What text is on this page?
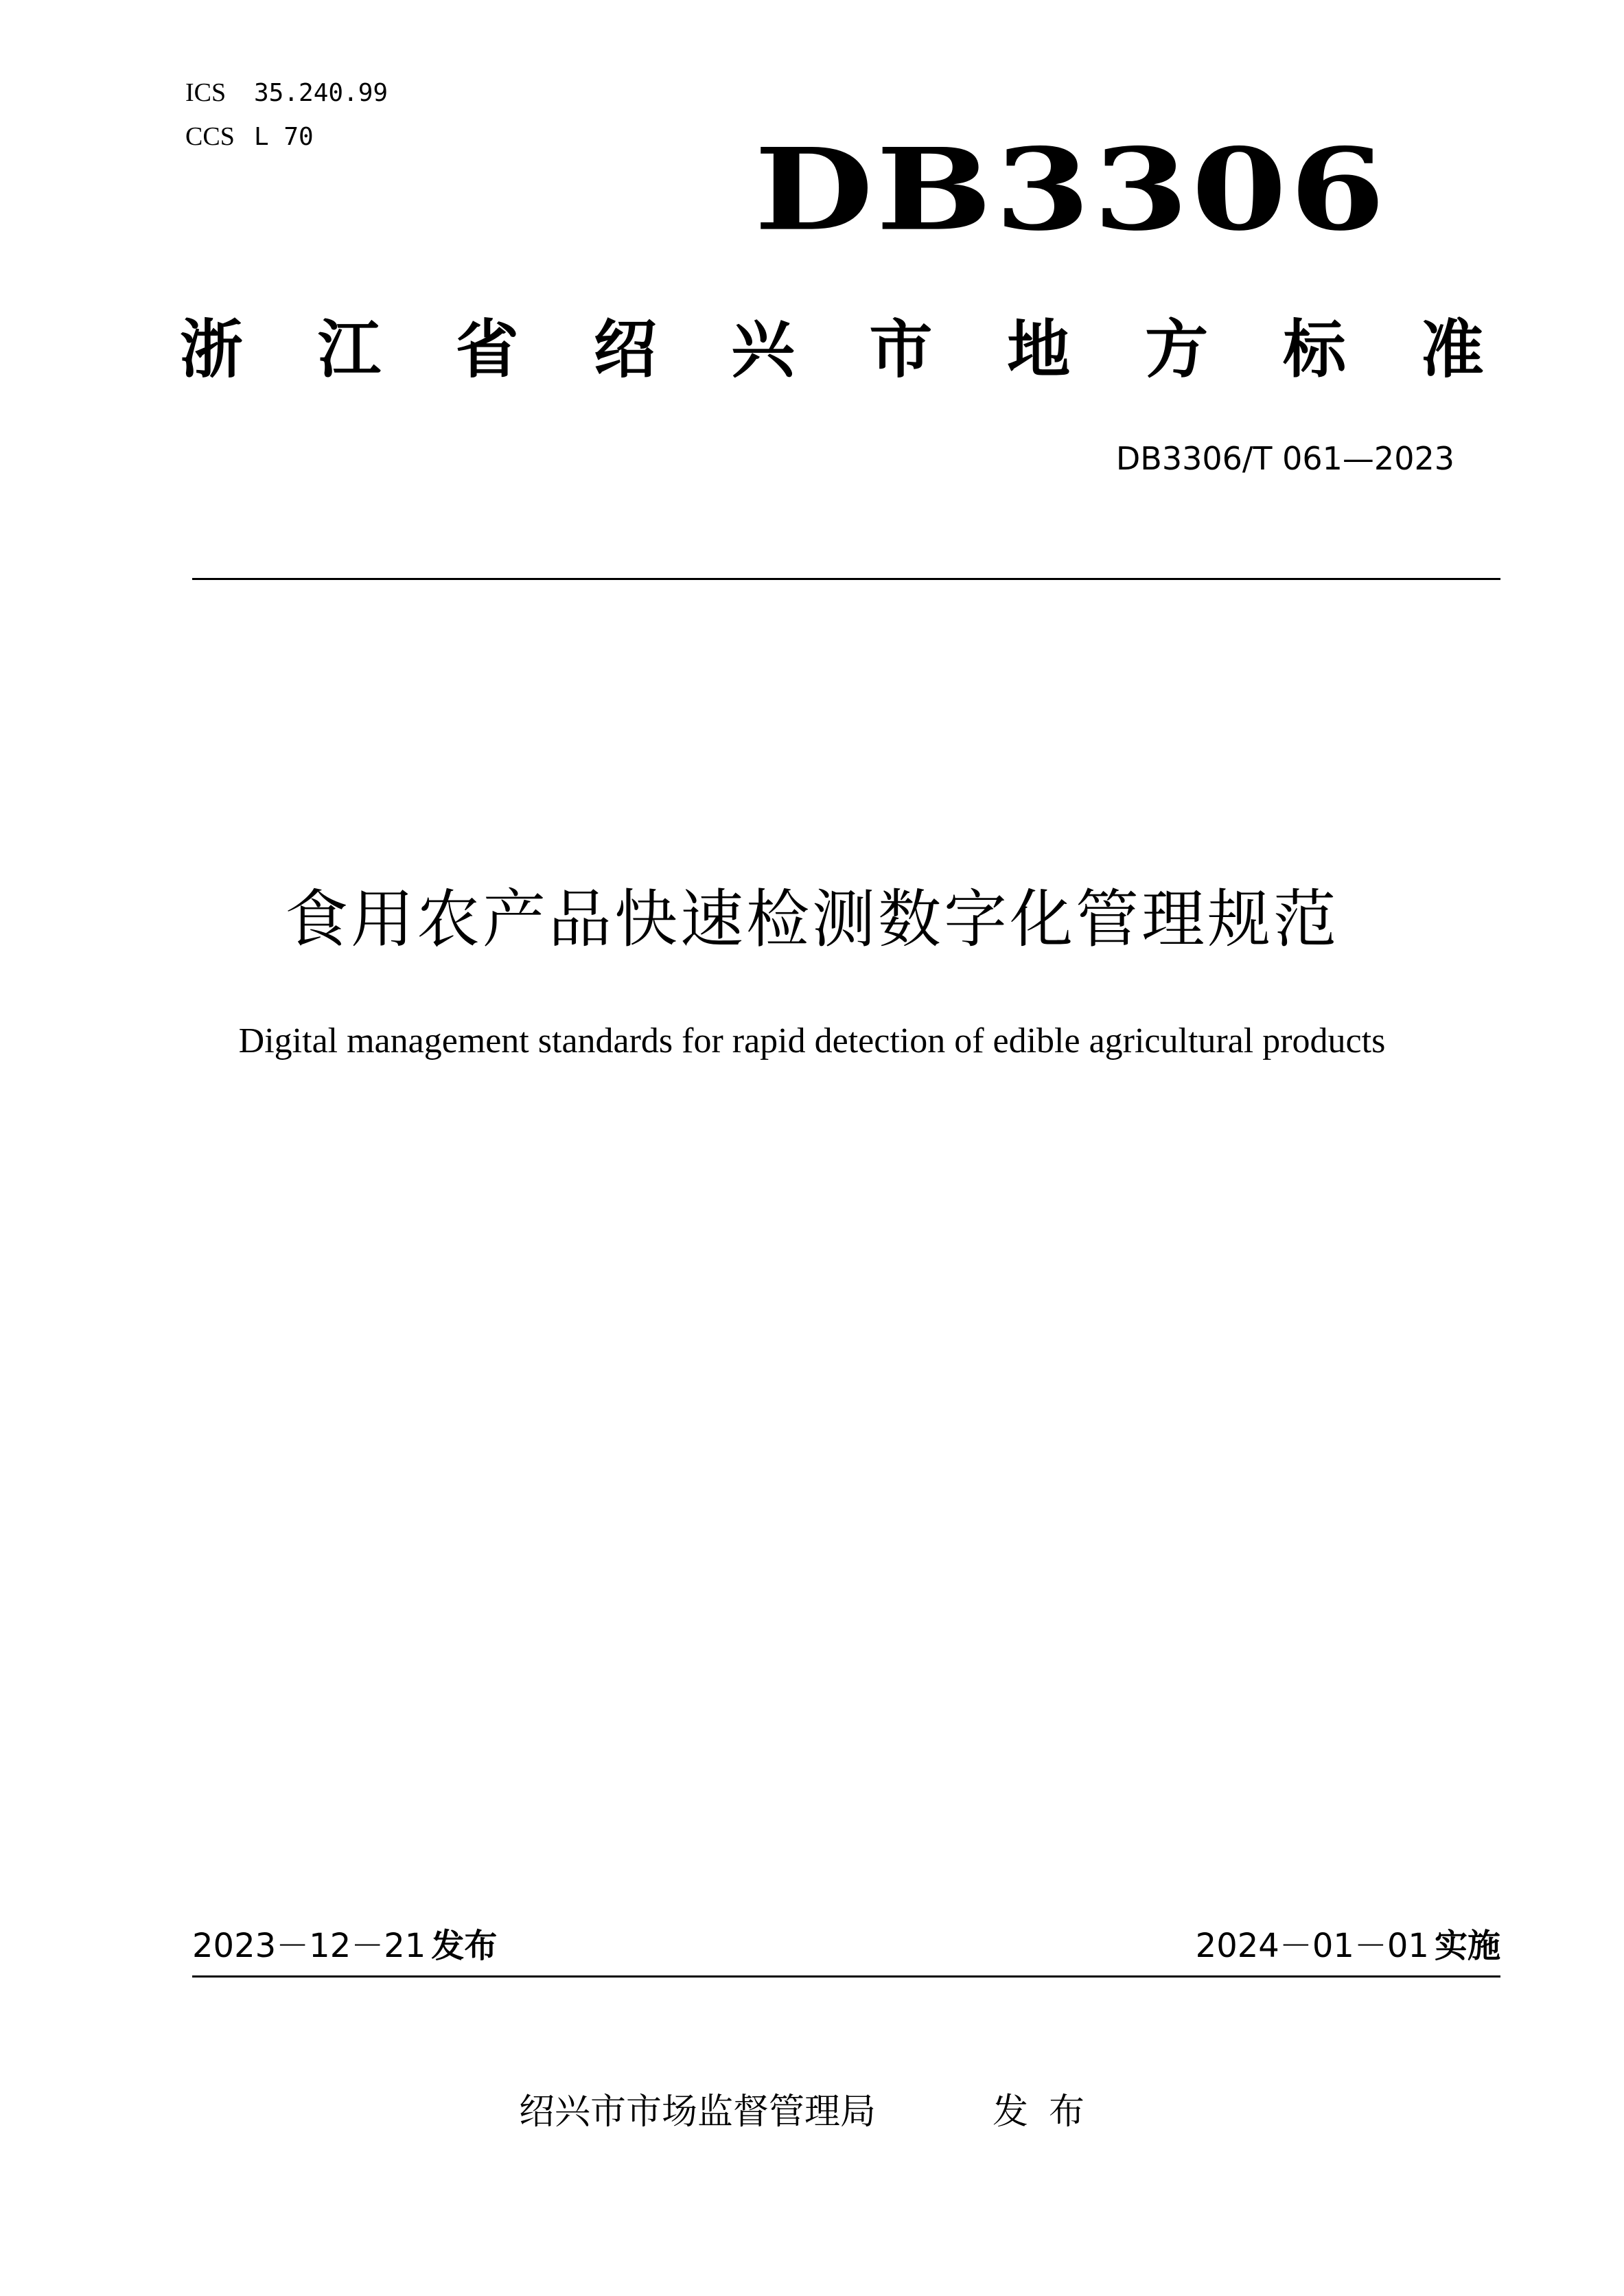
ICS 35.240.99
CCS L 70	DB3306
浙 江 省 绍 兴 市 地 方 标 准
DB3306/T 061—2023
食用农产品快速检测数字化管理规范
Digital management standards for rapid detection of edible agricultural products
2023－12－21 发布	2024－01－01 实施
绍兴市市场监督管理局	发布
